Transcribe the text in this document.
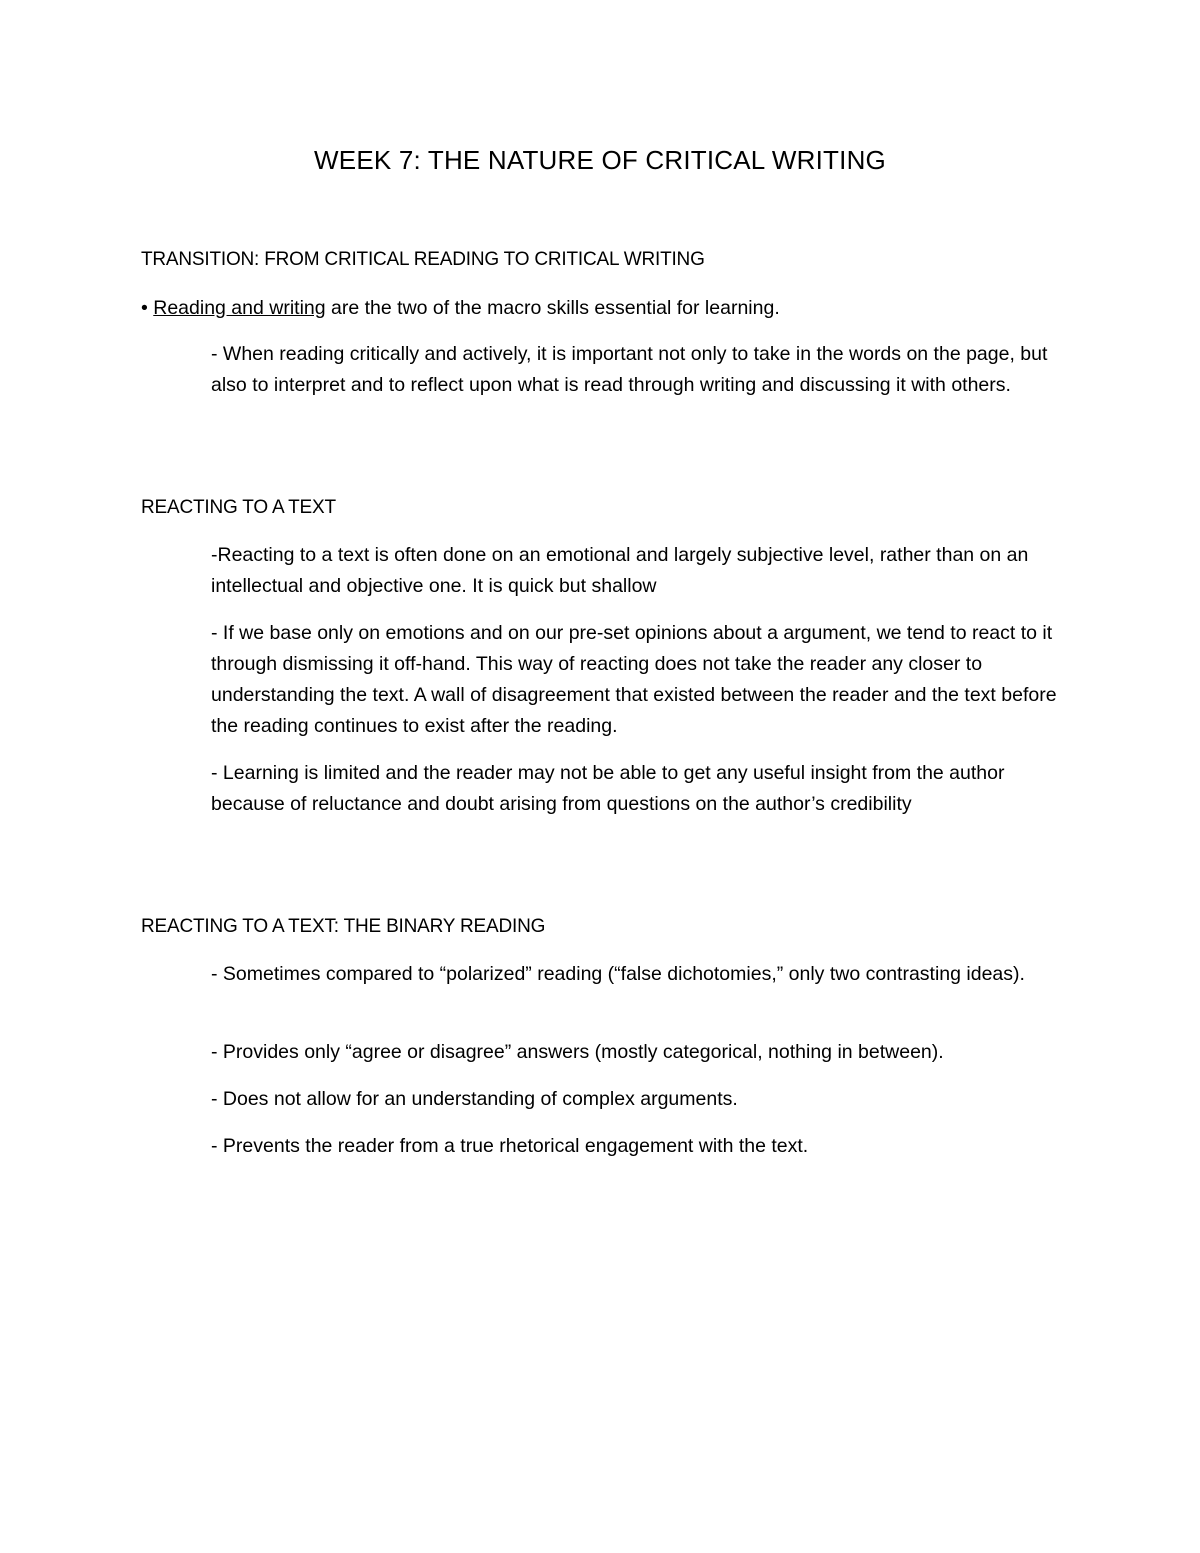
WEEK 7: THE NATURE OF CRITICAL WRITING
TRANSITION: FROM CRITICAL READING TO CRITICAL WRITING

• Reading and writing are the two of the macro skills essential for learning.

- When reading critically and actively, it is important not only to take in the words on the page, but also to interpret and to reflect upon what is read through writing and discussing it with others.

REACTING TO A TEXT

-Reacting to a text is often done on an emotional and largely subjective level, rather than on an intellectual and objective one. It is quick but shallow

- If we base only on emotions and on our pre-set opinions about a argument, we tend to react to it through dismissing it off-hand. This way of reacting does not take the reader any closer to understanding the text. A wall of disagreement that existed between the reader and the text before the reading continues to exist after the reading.

- Learning is limited and the reader may not be able to get any useful insight from the author because of reluctance and doubt arising from questions on the author’s credibility

REACTING TO A TEXT: THE BINARY READING

- Sometimes compared to “polarized” reading (“false dichotomies,” only two contrasting ideas).

- Provides only “agree or disagree” answers (mostly categorical, nothing in between).

- Does not allow for an understanding of complex arguments.

- Prevents the reader from a true rhetorical engagement with the text.
